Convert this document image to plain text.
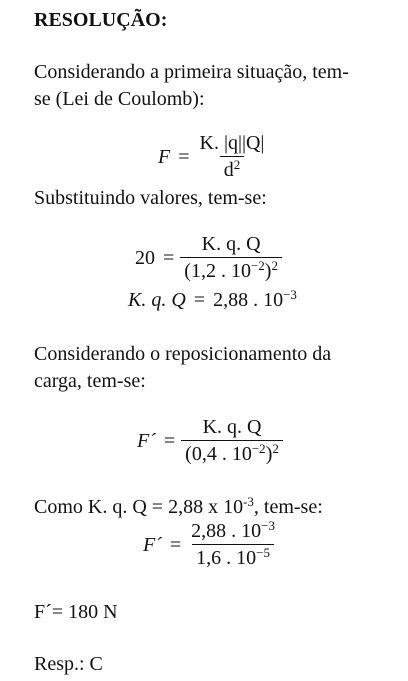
RESOLUÇÃO:
Considerando a primeira situação, tem-
se (Lei de Coulomb):
$F = \frac{K. |q||Q|}{d^2}$
Substituindo valores, tem-se:
$20 = \frac{K. q. Q}{(1,2 . 10^{-2})^2}$
K. q. Q = 2,88 . $10^{-3}$
Considerando o reposicionamento da
carga, tem-se:
F´ = $\frac{K. q. Q}{(0,4 . 10^{-2})^2}$
Como K. q. Q = 2,88 x $10^{-3}$, tem-se:
F´ = $\frac{2,88 . 10^{-3}}{1,6 . 10^{-5}}$
F´= 180 N
Resp.: C
